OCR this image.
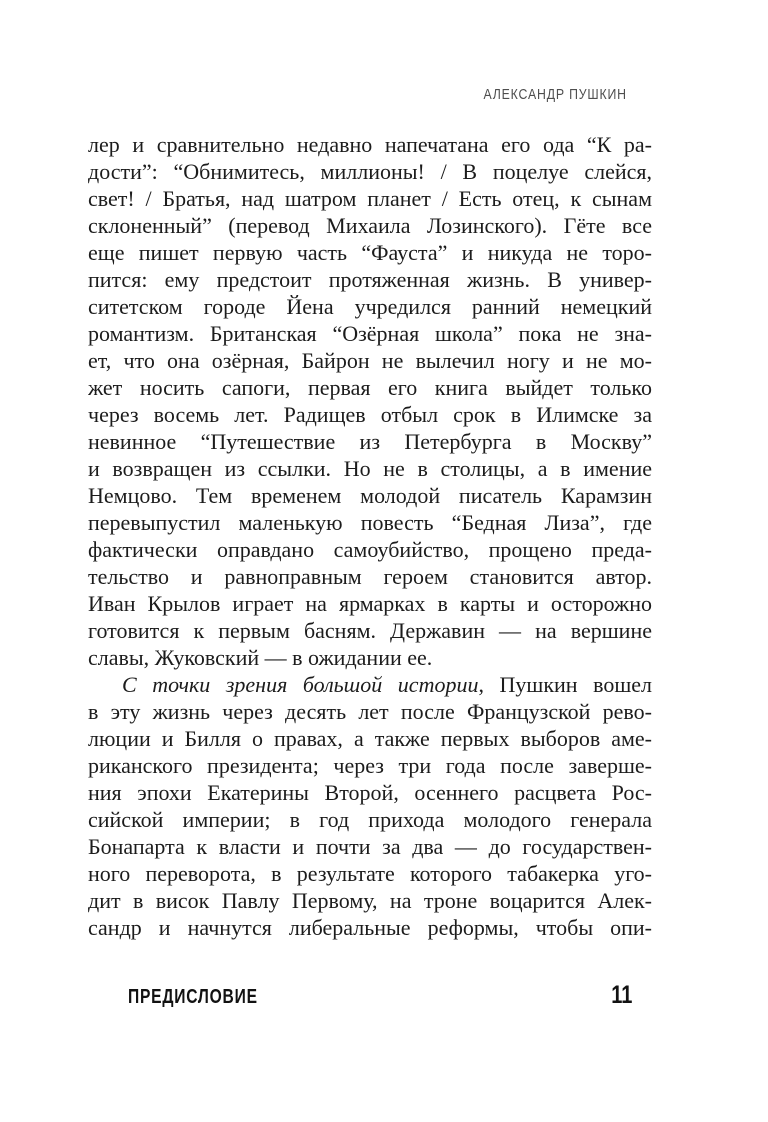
АЛЕКСАНДР ПУШКИН
лер и сравнительно недавно напечатана его ода “К ра-
дости”: “Обнимитесь, миллионы! / В поцелуе слейся,
свет! / Братья, над шатром планет / Есть отец, к сынам
склоненный” (перевод Михаила Лозинского). Гёте все
еще пишет первую часть “Фауста” и никуда не торо-
пится: ему предстоит протяженная жизнь. В универ-
ситетском городе Йена учредился ранний немецкий
романтизм. Британская “Озёрная школа” пока не зна-
ет, что она озёрная, Байрон не вылечил ногу и не мо-
жет носить сапоги, первая его книга выйдет только
через восемь лет. Радищев отбыл срок в Илимске за
невинное “Путешествие из Петербурга в Москву”
и возвращен из ссылки. Но не в столицы, а в имение
Немцово. Тем временем молодой писатель Карамзин
перевыпустил маленькую повесть “Бедная Лиза”, где
фактически оправдано самоубийство, прощено преда-
тельство и равноправным героем становится автор.
Иван Крылов играет на ярмарках в карты и осторожно
готовится к первым басням. Державин — на вершине
славы, Жуковский — в ожидании ее.
С точки зрения большой истории, Пушкин вошел
в эту жизнь через десять лет после Французской рево-
люции и Билля о правах, а также первых выборов аме-
риканского президента; через три года после заверше-
ния эпохи Екатерины Второй, осеннего расцвета Рос-
сийской империи; в год прихода молодого генерала
Бонапарта к власти и почти за два — до государствен-
ного переворота, в результате которого табакерка уго-
дит в висок Павлу Первому, на троне воцарится Алек-
сандр и начнутся либеральные реформы, чтобы опи-
ПРЕДИСЛОВИЕ	11
